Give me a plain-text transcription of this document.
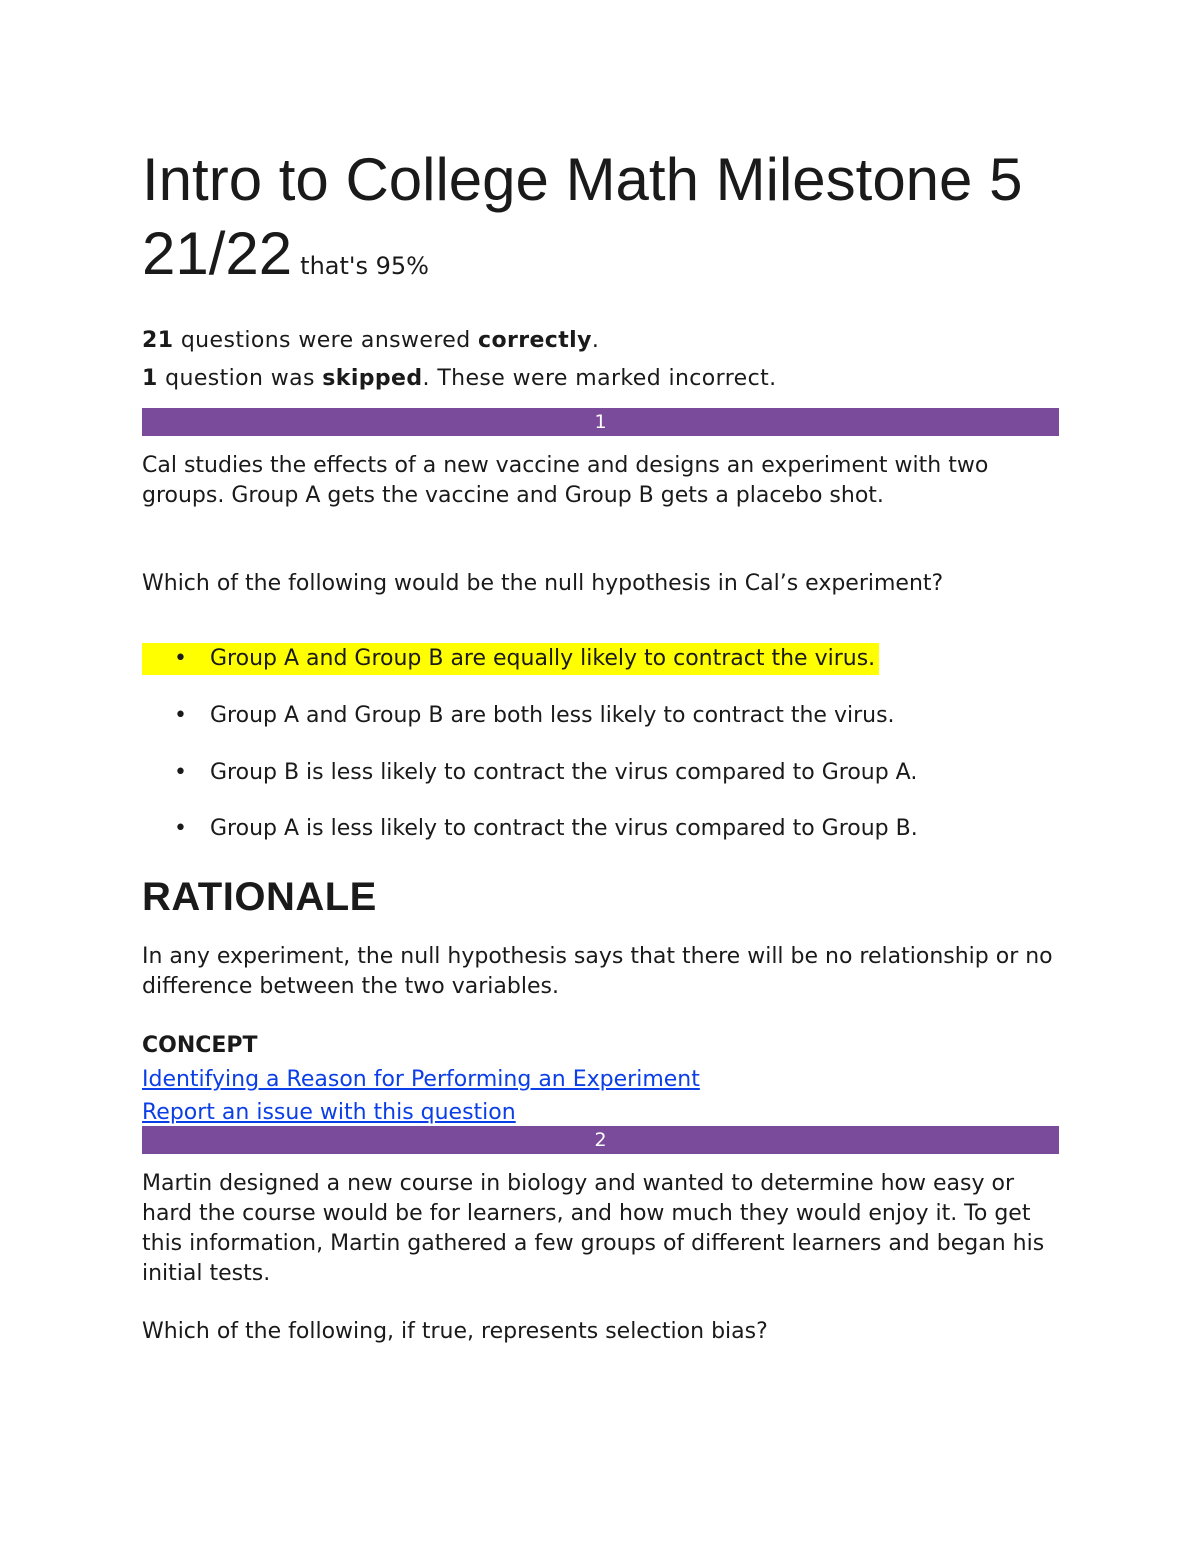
Intro to College Math Milestone 5
21/22 that's 95%
21 questions were answered correctly.
1 question was skipped. These were marked incorrect.
1

Cal studies the effects of a new vaccine and designs an experiment with two groups. Group A gets the vaccine and Group B gets a placebo shot.

Which of the following would be the null hypothesis in Cal’s experiment?

• Group A and Group B are equally likely to contract the virus.
• Group A and Group B are both less likely to contract the virus.
• Group B is less likely to contract the virus compared to Group A.
• Group A is less likely to contract the virus compared to Group B.
RATIONALE

In any experiment, the null hypothesis says that there will be no relationship or no difference between the two variables.

CONCEPT
Identifying a Reason for Performing an Experiment
Report an issue with this question
2

Martin designed a new course in biology and wanted to determine how easy or hard the course would be for learners, and how much they would enjoy it. To get this information, Martin gathered a few groups of different learners and began his initial tests.

Which of the following, if true, represents selection bias?
